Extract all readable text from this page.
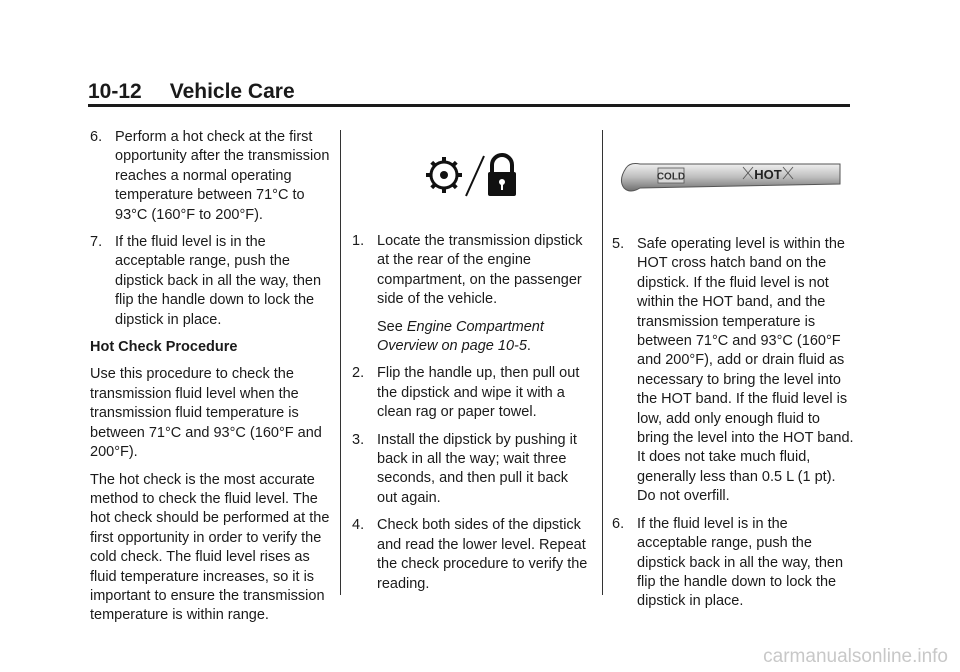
10-12 Vehicle Care
6. Perform a hot check at the first opportunity after the transmission reaches a normal operating temperature between 71°C to 93°C (160°F to 200°F).
7. If the fluid level is in the acceptable range, push the dipstick back in all the way, then flip the handle down to lock the dipstick in place.

Hot Check Procedure

Use this procedure to check the transmission fluid level when the transmission fluid temperature is between 71°C and 93°C (160°F and 200°F).

The hot check is the most accurate method to check the fluid level. The hot check should be performed at the first opportunity in order to verify the cold check. The fluid level rises as fluid temperature increases, so it is important to ensure the transmission temperature is within range.

1. Locate the transmission dipstick at the rear of the engine compartment, on the passenger side of the vehicle.

See Engine Compartment Overview on page 10-5.

2. Flip the handle up, then pull out the dipstick and wipe it with a clean rag or paper towel.
3. Install the dipstick by pushing it back in all the way; wait three seconds, and then pull it back out again.
4. Check both sides of the dipstick and read the lower level. Repeat the check procedure to verify the reading.
COLD	HOT
5. Safe operating level is within the HOT cross hatch band on the dipstick. If the fluid level is not within the HOT band, and the transmission temperature is between 71°C and 93°C (160°F and 200°F), add or drain fluid as necessary to bring the level into the HOT band. If the fluid level is low, add only enough fluid to bring the level into the HOT band. It does not take much fluid, generally less than 0.5 L (1 pt). Do not overfill.
6. If the fluid level is in the acceptable range, push the dipstick back in all the way, then flip the handle down to lock the dipstick in place.
carmanualsonline.info
